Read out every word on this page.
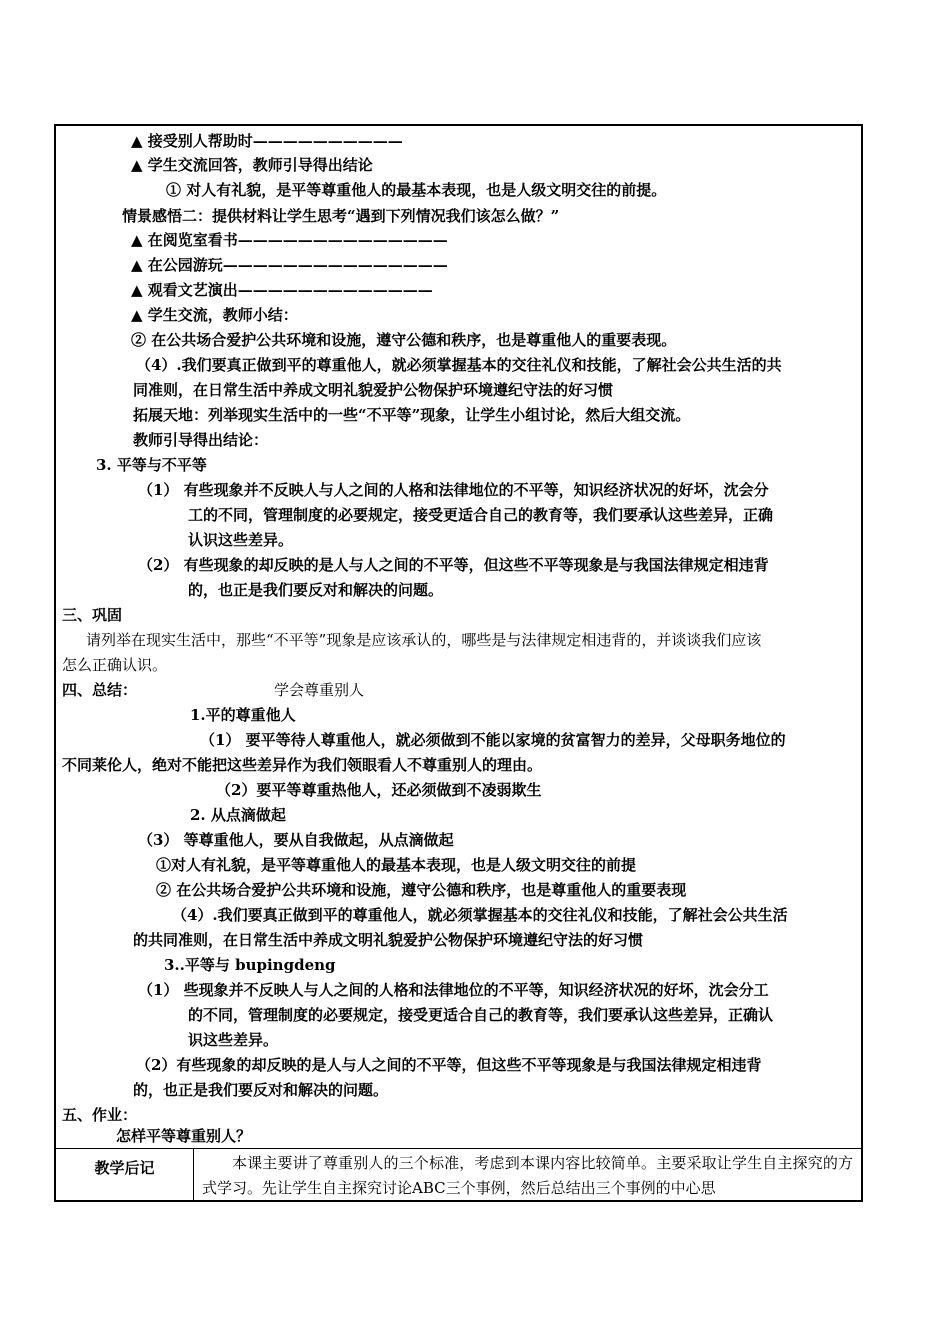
▲ 接受别人帮助时——————————
▲ 学生交流回答，教师引导得出结论
① 对人有礼貌，是平等尊重他人的最基本表现，也是人级文明交往的前提。
情景感悟二：提供材料让学生思考“遇到下列情况我们该怎么做？”
▲ 在阅览室看书——————————————
▲ 在公园游玩———————————————
▲ 观看文艺演出—————————————
▲ 学生交流，教师小结：
② 在公共场合爱护公共环境和设施，遵守公德和秩序，也是尊重他人的重要表现。
（4）.我们要真正做到平的尊重他人，就必须掌握基本的交往礼仪和技能，了解社会公共生活的共
同准则，在日常生活中养成文明礼貌爱护公物保护环境遵纪守法的好习惯
拓展天地：列举现实生活中的一些“不平等”现象，让学生小组讨论，然后大组交流。
教师引导得出结论：
3. 平等与不平等
（1） 有些现象并不反映人与人之间的人格和法律地位的不平等，知识经济状况的好坏，沈会分
工的不同，管理制度的必要规定，接受更适合自己的教育等，我们要承认这些差异，正确
认识这些差异。
（2） 有些现象的却反映的是人与人之间的不平等，但这些不平等现象是与我国法律规定相违背
的，也正是我们要反对和解决的问题。
三、巩固
请列举在现实生活中，那些“不平等”现象是应该承认的，哪些是与法律规定相违背的，并谈谈我们应该
怎么正确认识。
四、总结：	学会尊重别人
1.平的尊重他人
（1） 要平等待人尊重他人，就必须做到不能以家境的贫富智力的差异，父母职务地位的
不同莱伦人，绝对不能把这些差异作为我们领眼看人不尊重别人的理由。
（2）要平等尊重热他人，还必须做到不凌弱欺生
2. 从点滴做起
（3） 等尊重他人，要从自我做起，从点滴做起
①对人有礼貌，是平等尊重他人的最基本表现，也是人级文明交往的前提
② 在公共场合爱护公共环境和设施，遵守公德和秩序，也是尊重他人的重要表现
（4）.我们要真正做到平的尊重他人，就必须掌握基本的交往礼仪和技能，了解社会公共生活
的共同准则，在日常生活中养成文明礼貌爱护公物保护环境遵纪守法的好习惯
3..平等与 bupingdeng
（1） 些现象并不反映人与人之间的人格和法律地位的不平等，知识经济状况的好坏，沈会分工
的不同，管理制度的必要规定，接受更适合自己的教育等，我们要承认这些差异，正确认
识这些差异。
（2）有些现象的却反映的是人与人之间的不平等，但这些不平等现象是与我国法律规定相违背
的，也正是我们要反对和解决的问题。
五、作业：
怎样平等尊重别人？
教学后记	本课主要讲了尊重别人的三个标准，考虑到本课内容比较简单。主要采取让学生自主探究的方式学习。先让学生自主探究讨论ABC三个事例，然后总结出三个事例的中心思
